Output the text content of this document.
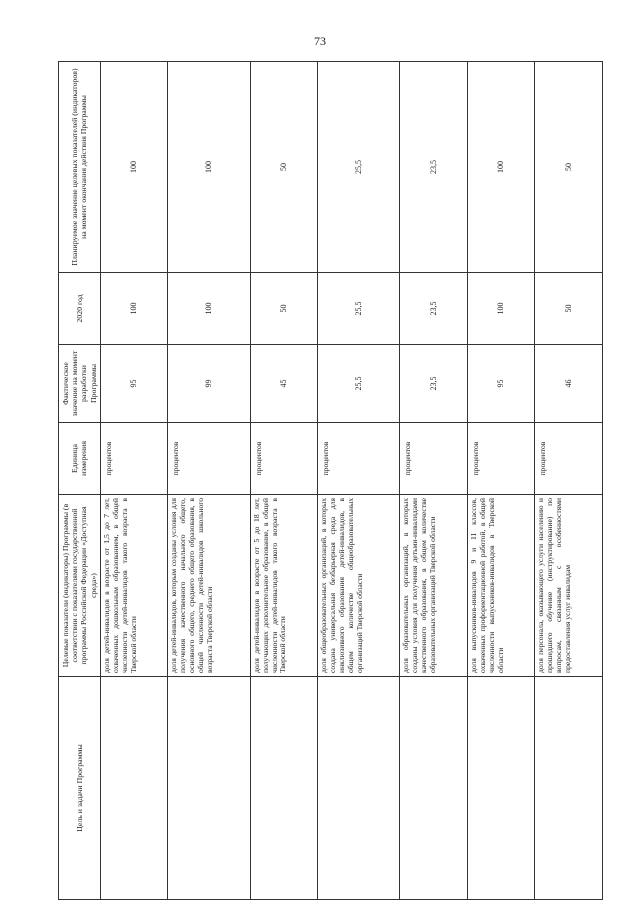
73
Цель и задачи Программы	Целевые показатели (индикаторы) Программы (в соответствии с показателями государственной программы Российской Федерации «Доступная среда»)	Единица измерения	Фактическое значение на момент разработки Программы	2020 год	Планируемое значение целевых показателей (индикаторов) на момент окончания действия Программы
	доля детей-инвалидов в возрасте от 1,5 до 7 лет, охваченных дошкольным образованием, в общей численности детей-инвалидов такого возраста в Тверской области	процентов	95	100	100
	доля детей-инвалидов, которым созданы условия для получения качественного начального общего, основного общего, среднего общего образования, в общей численности детей-инвалидов школьного возраста Тверской области	процентов	99	100	100
	доля детей-инвалидов в возрасте от 5 до 18 лет, получающих дополнительное образование, в общей численности детей-инвалидов такого возраста в Тверской области	процентов	45	50	50
	доля общеобразовательных организаций, в которых создана универсальная безбарьерная среда для инклюзивного образования детей-инвалидов, в общем количестве общеобразовательных организаций Тверской области	процентов	25,5	25,5	25,5
	доля образовательных организаций, в которых созданы условия для получения детьми-инвалидами качественного образования, в общем количестве образовательных организаций Тверской области	процентов	23,5	23,5	23,5
	доля выпускников-инвалидов 9 и 11 классов, охваченных профориентационной работой, в общей численности выпускников-инвалидов в Тверской области	процентов	95	100	100
	доля персонала, оказывающего услуги населению и прошедшего обучение (инструктирование) по вопросам, связанным с особенностями предоставления услуг инвалидам	процентов	46	50	50
